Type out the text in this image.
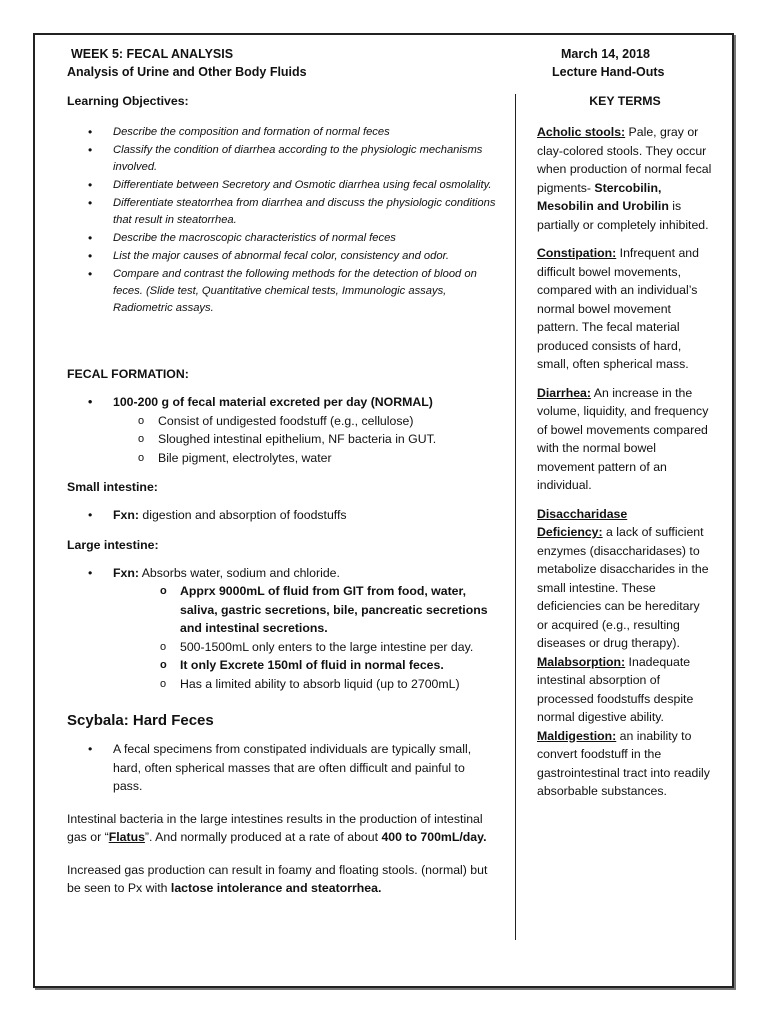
WEEK 5: FECAL ANALYSIS
Analysis of Urine and Other Body Fluids
March 14, 2018
Lecture Hand-Outs

Learning Objectives:

• Describe the composition and formation of normal feces
• Classify the condition of diarrhea according to the physiologic mechanisms involved.
• Differentiate between Secretory and Osmotic diarrhea using fecal osmolality.
• Differentiate steatorrhea from diarrhea and discuss the physiologic conditions that result in steatorrhea.
• Describe the macroscopic characteristics of normal feces
• List the major causes of abnormal fecal color, consistency and odor.
• Compare and contrast the following methods for the detection of blood on feces. (Slide test, Quantitative chemical tests, Immunologic assays, Radiometric assays.

FECAL FORMATION:

• 100-200 g of fecal material excreted per day (NORMAL)
o Consist of undigested foodstuff (e.g., cellulose)
o Sloughed intestinal epithelium, NF bacteria in GUT.
o Bile pigment, electrolytes, water

Small intestine:

• Fxn: digestion and absorption of foodstuffs

Large intestine:

• Fxn: Absorbs water, sodium and chloride.
o Apprx 9000mL of fluid from GIT from food, water, saliva, gastric secretions, bile, pancreatic secretions and intestinal secretions.
o 500-1500mL only enters to the large intestine per day.
o It only Excrete 150ml of fluid in normal feces.
o Has a limited ability to absorb liquid (up to 2700mL)

Scybala: Hard Feces

• A fecal specimens from constipated individuals are typically small, hard, often spherical masses that are often difficult and painful to pass.

Intestinal bacteria in the large intestines results in the production of intestinal gas or “Flatus”. And normally produced at a rate of about 400 to 700mL/day.

Increased gas production can result in foamy and floating stools. (normal) but be seen to Px with lactose intolerance and steatorrhea.

KEY TERMS

Acholic stools: Pale, gray or clay-colored stools. They occur when production of normal fecal pigments- Stercobilin, Mesobilin and Urobilin is partially or completely inhibited.

Constipation: Infrequent and difficult bowel movements, compared with an individual’s normal bowel movement pattern. The fecal material produced consists of hard, small, often spherical mass.

Diarrhea: An increase in the volume, liquidity, and frequency of bowel movements compared with the normal bowel movement pattern of an individual.

Disaccharidase
Deficiency: a lack of sufficient enzymes (disaccharidases) to metabolize disaccharides in the small intestine. These deficiencies can be hereditary or acquired (e.g., resulting diseases or drug therapy).

Malabsorption: Inadequate intestinal absorption of processed foodstuffs despite normal digestive ability.

Maldigestion: an inability to convert foodstuff in the gastrointestinal tract into readily absorbable substances.
